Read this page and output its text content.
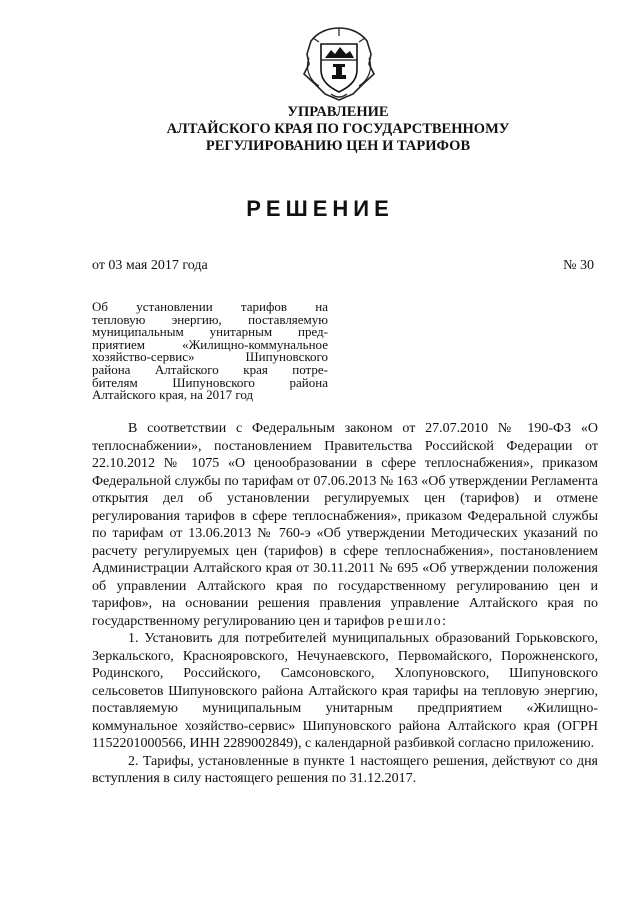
УПРАВЛЕНИЕ
АЛТАЙСКОГО КРАЯ ПО ГОСУДАРСТВЕННОМУ
РЕГУЛИРОВАНИЮ ЦЕН И ТАРИФОВ
РЕШЕНИЕ
от 03 мая 2017 года	№ 30
Об установлении тарифов на
тепловую энергию, поставляемую
муниципальным унитарным пред-
приятием «Жилищно-коммунальное
хозяйство-сервис» Шипуновского
района Алтайского края потре-
бителям Шипуновского района
Алтайского края, на 2017 год

В соответствии с Федеральным законом от 27.07.2010 № 190-ФЗ «О теплоснабжении», постановлением Правительства Российской Федерации от 22.10.2012 № 1075 «О ценообразовании в сфере теплоснабжения», приказом Федеральной службы по тарифам от 07.06.2013 № 163 «Об утверждении Регламента открытия дел об установлении регулируемых цен (тарифов) и отмене регулирования тарифов в сфере теплоснабжения», приказом Федеральной службы по тарифам от 13.06.2013 № 760-э «Об утверждении Методических указаний по расчету регулируемых цен (тарифов) в сфере теплоснабжения», постановлением Администрации Алтайского края от 30.11.2011 № 695 «Об утверждении положения об управлении Алтайского края по государственному регулированию цен и тарифов», на основании решения правления управление Алтайского края по государственному регулированию цен и тарифов решило:

1. Установить для потребителей муниципальных образований Горьковского, Зеркальского, Краснояровского, Нечунаевского, Первомайского, Порожненского, Родинского, Российского, Самсоновского, Хлопуновского, Шипуновского сельсоветов Шипуновского района Алтайского края тарифы на тепловую энергию, поставляемую муниципальным унитарным предприятием «Жилищно-коммунальное хозяйство-сервис» Шипуновского района Алтайского края (ОГРН 1152201000566, ИНН 2289002849), с календарной разбивкой согласно приложению.

2. Тарифы, установленные в пункте 1 настоящего решения, действуют со дня вступления в силу настоящего решения по 31.12.2017.
